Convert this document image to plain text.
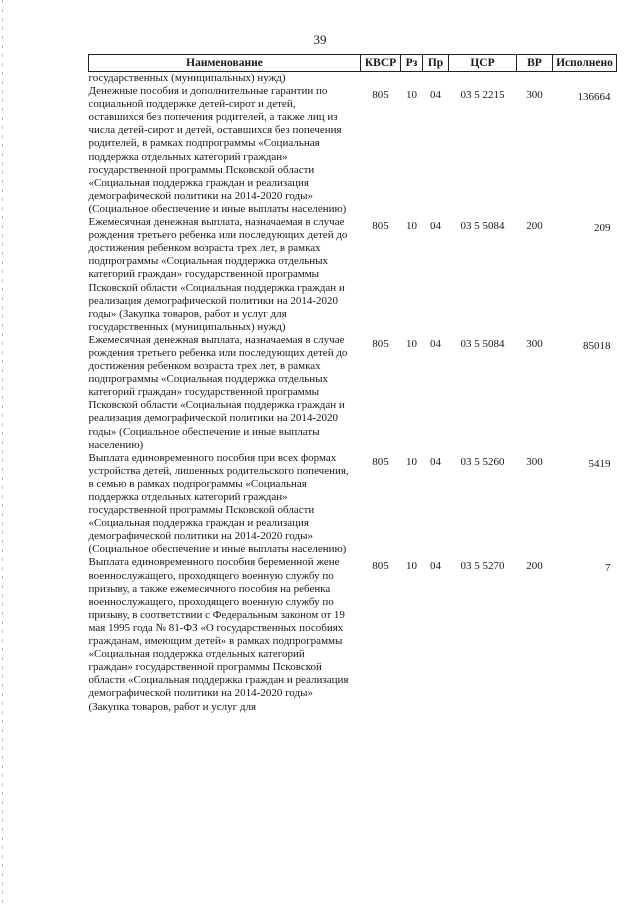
39
Наименование	КВСР	Рз	Пр	ЦСР	ВР	Исполнено
государственных (муниципальных) нужд)						
Денежные пособия и дополнительные гарантии по социальной поддержке детей-сирот и детей, оставшихся без попечения родителей, а также лиц из числа детей-сирот и детей, оставшихся без попечения родителей, в рамках подпрограммы «Социальная поддержка отдельных категорий граждан» государственной программы Псковской области «Социальная поддержка граждан и реализация демографической политики на 2014-2020 годы» (Социальное обеспечение и иные выплаты населению)	805	10	04	03 5 2215	300	136664
Ежемесячная денежная выплата, назначаемая в случае рождения третьего ребенка или последующих детей до достижения ребенком возраста трех лет, в рамках подпрограммы «Социальная поддержка отдельных категорий граждан» государственной программы Псковской области «Социальная поддержка граждан и реализация демографической политики на 2014-2020 годы» (Закупка товаров, работ и услуг для государственных (муниципальных) нужд)	805	10	04	03 5 5084	200	209
Ежемесячная денежная выплата, назначаемая в случае рождения третьего ребенка или последующих детей до достижения ребенком возраста трех лет, в рамках подпрограммы «Социальная поддержка отдельных категорий граждан» государственной программы Псковской области «Социальная поддержка граждан и реализация демографической политики на 2014-2020 годы» (Социальное обеспечение и иные выплаты населению)	805	10	04	03 5 5084	300	85018
Выплата единовременного пособия при всех формах устройства детей, лишенных родительского попечения, в семью в рамках подпрограммы «Социальная поддержка отдельных категорий граждан» государственной программы Псковской области «Социальная поддержка граждан и реализация демографической политики на 2014-2020 годы» (Социальное обеспечение и иные выплаты населению)	805	10	04	03 5 5260	300	5419
Выплата единовременного пособия беременной жене военнослужащего, проходящего военную службу по призыву, а также ежемесячного пособия на ребенка военнослужащего, проходящего военную службу по призыву, в соответствии с Федеральным законом от 19 мая 1995 года № 81-ФЗ «О государственных пособиях гражданам, имеющим детей» в рамках подпрограммы «Социальная поддержка отдельных категорий граждан» государственной программы Псковской области «Социальная поддержка граждан и реализация демографической политики на 2014-2020 годы» (Закупка товаров, работ и услуг для	805	10	04	03 5 5270	200	7
